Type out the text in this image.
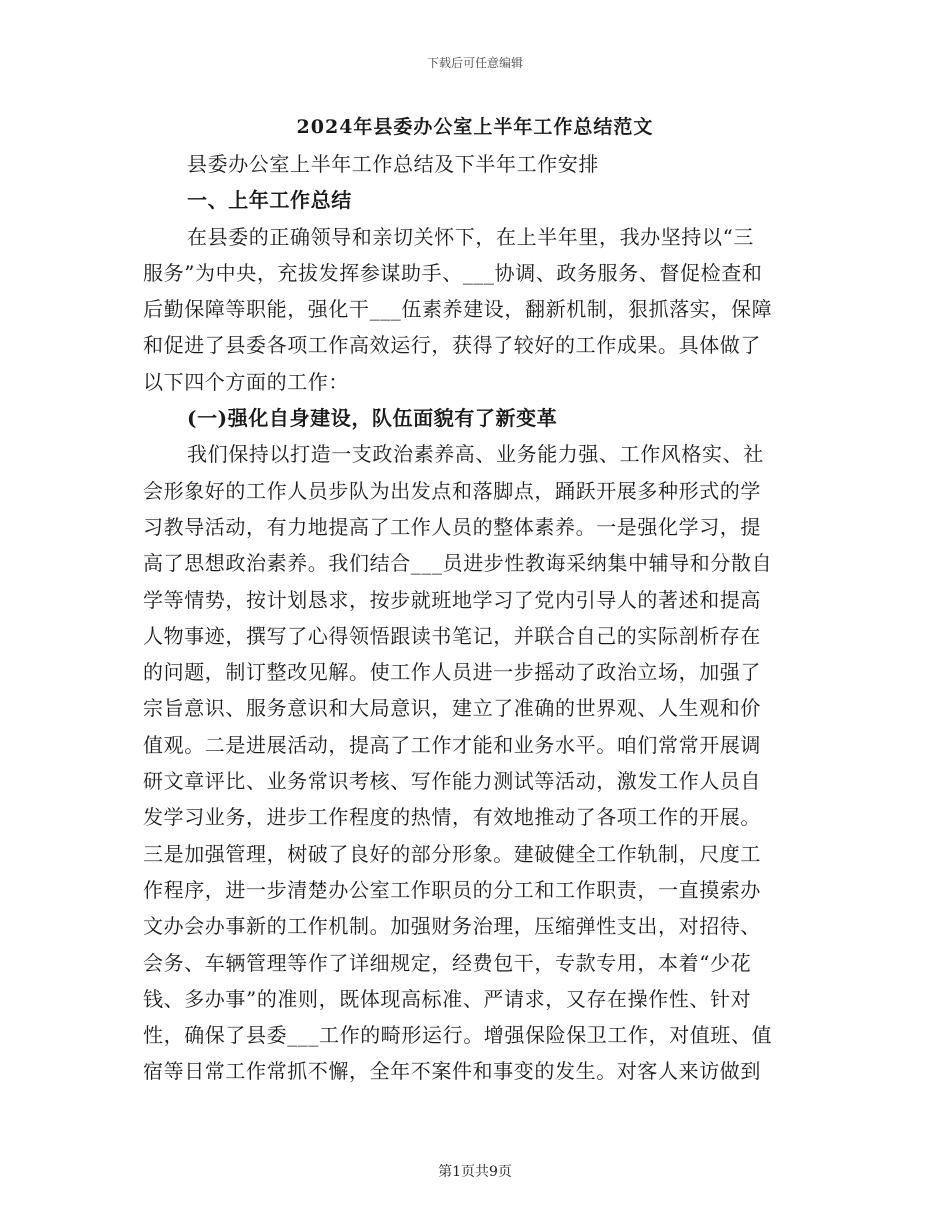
下载后可任意编辑
2024年县委办公室上半年工作总结范文
县委办公室上半年工作总结及下半年工作安排
一、上年工作总结
在县委的正确领导和亲切关怀下，在上半年里，我办坚持以“三
服务”为中央，充拔发挥参谋助手、___协调、政务服务、督促检查和
后勤保障等职能，强化干___伍素养建设，翻新机制，狠抓落实，保障
和促进了县委各项工作高效运行，获得了较好的工作成果。具体做了
以下四个方面的工作：
(一)强化自身建设，队伍面貌有了新变革
我们保持以打造一支政治素养高、业务能力强、工作风格实、社
会形象好的工作人员步队为出发点和落脚点，踊跃开展多种形式的学
习教导活动，有力地提高了工作人员的整体素养。一是强化学习，提
高了思想政治素养。我们结合___员进步性教诲采纳集中辅导和分散自
学等情势，按计划恳求，按步就班地学习了党内引导人的著述和提高
人物事迹，撰写了心得领悟跟读书笔记，并联合自己的实际剖析存在
的问题，制订整改见解。使工作人员进一步摇动了政治立场，加强了
宗旨意识、服务意识和大局意识，建立了准确的世界观、人生观和价
值观。二是进展活动，提高了工作才能和业务水平。咱们常常开展调
研文章评比、业务常识考核、写作能力测试等活动，激发工作人员自
发学习业务，进步工作程度的热情，有效地推动了各项工作的开展。
三是加强管理，树破了良好的部分形象。建破健全工作轨制，尺度工
作程序，进一步清楚办公室工作职员的分工和工作职责，一直摸索办
文办会办事新的工作机制。加强财务治理，压缩弹性支出，对招待、
会务、车辆管理等作了详细规定，经费包干，专款专用，本着“少花
钱、多办事”的准则，既体现高标准、严请求，又存在操作性、针对
性，确保了县委___工作的畸形运行。增强保险保卫工作，对值班、值
宿等日常工作常抓不懈，全年不案件和事变的发生。对客人来访做到
第1页共9页
